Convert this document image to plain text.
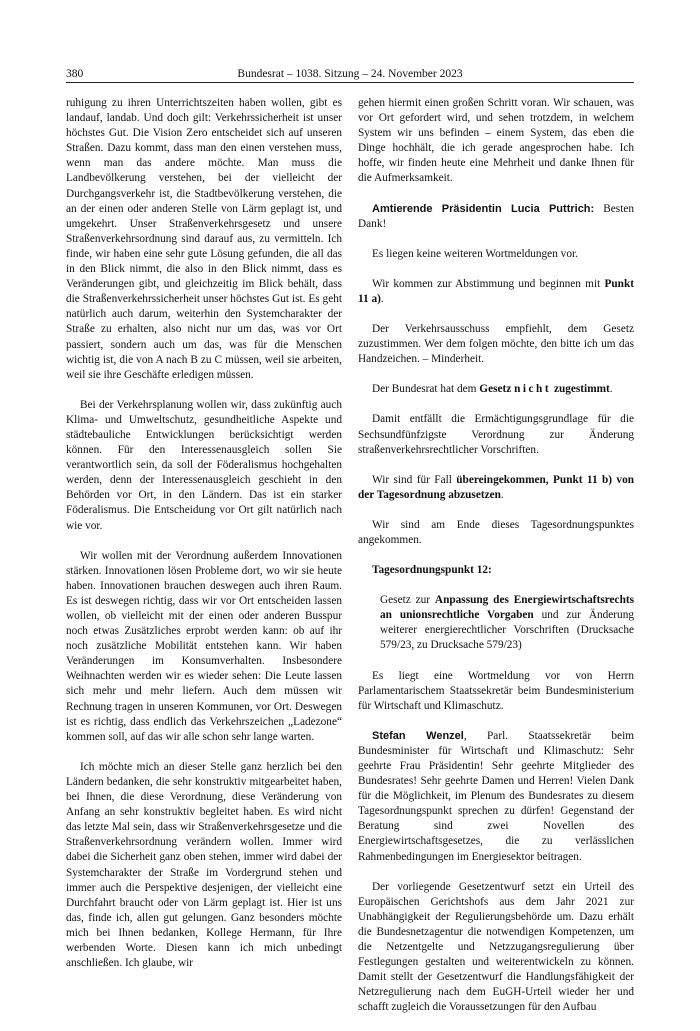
380	Bundesrat – 1038. Sitzung – 24. November 2023

ruhigung zu ihren Unterrichtszeiten haben wollen, gibt es landauf, landab. Und doch gilt: Verkehrssicherheit ist unser höchstes Gut. Die Vision Zero entscheidet sich auf unseren Straßen. Dazu kommt, dass man den einen verstehen muss, wenn man das andere möchte. Man muss die Landbevölkerung verstehen, bei der vielleicht der Durchgangsverkehr ist, die Stadtbevölkerung verstehen, die an der einen oder anderen Stelle von Lärm geplagt ist, und umgekehrt. Unser Straßenverkehrsgesetz und unsere Straßenverkehrsordnung sind darauf aus, zu vermitteln. Ich finde, wir haben eine sehr gute Lösung gefunden, die all das in den Blick nimmt, die also in den Blick nimmt, dass es Veränderungen gibt, und gleichzeitig im Blick behält, dass die Straßenverkehrssicherheit unser höchstes Gut ist. Es geht natürlich auch darum, weiterhin den Systemcharakter der Straße zu erhalten, also nicht nur um das, was vor Ort passiert, sondern auch um das, was für die Menschen wichtig ist, die von A nach B zu C müssen, weil sie arbeiten, weil sie ihre Geschäfte erledigen müssen.

Bei der Verkehrsplanung wollen wir, dass zukünftig auch Klima- und Umweltschutz, gesundheitliche Aspekte und städtebauliche Entwicklungen berücksichtigt werden können. Für den Interessenausgleich sollen Sie verantwortlich sein, da soll der Föderalismus hochgehalten werden, denn der Interessenausgleich geschieht in den Behörden vor Ort, in den Ländern. Das ist ein starker Föderalismus. Die Entscheidung vor Ort gilt natürlich nach wie vor.

Wir wollen mit der Verordnung außerdem Innovationen stärken. Innovationen lösen Probleme dort, wo wir sie heute haben. Innovationen brauchen deswegen auch ihren Raum. Es ist deswegen richtig, dass wir vor Ort entscheiden lassen wollen, ob vielleicht mit der einen oder anderen Busspur noch etwas Zusätzliches erprobt werden kann: ob auf ihr noch zusätzliche Mobilität entstehen kann. Wir haben Veränderungen im Konsumverhalten. Insbesondere Weihnachten werden wir es wieder sehen: Die Leute lassen sich mehr und mehr liefern. Auch dem müssen wir Rechnung tragen in unseren Kommunen, vor Ort. Deswegen ist es richtig, dass endlich das Verkehrszeichen „Ladezone“ kommen soll, auf das wir alle schon sehr lange warten.

Ich möchte mich an dieser Stelle ganz herzlich bei den Ländern bedanken, die sehr konstruktiv mitgearbeitet haben, bei Ihnen, die diese Verordnung, diese Veränderung von Anfang an sehr konstruktiv begleitet haben. Es wird nicht das letzte Mal sein, dass wir Straßenverkehrsgesetze und die Straßenverkehrsordnung verändern wollen. Immer wird dabei die Sicherheit ganz oben stehen, immer wird dabei der Systemcharakter der Straße im Vordergrund stehen und immer auch die Perspektive desjenigen, der vielleicht eine Durchfahrt braucht oder von Lärm geplagt ist. Hier ist uns das, finde ich, allen gut gelungen. Ganz besonders möchte mich bei Ihnen bedanken, Kollege Hermann, für Ihre werbenden Worte. Diesen kann ich mich unbedingt anschließen. Ich glaube, wir

gehen hiermit einen großen Schritt voran. Wir schauen, was vor Ort gefordert wird, und sehen trotzdem, in welchem System wir uns befinden – einem System, das eben die Dinge hochhält, die ich gerade angesprochen habe. Ich hoffe, wir finden heute eine Mehrheit und danke Ihnen für die Aufmerksamkeit.

Amtierende Präsidentin Lucia Puttrich: Besten Dank!

Es liegen keine weiteren Wortmeldungen vor.

Wir kommen zur Abstimmung und beginnen mit Punkt 11 a).

Der Verkehrsausschuss empfiehlt, dem Gesetz zuzustimmen. Wer dem folgen möchte, den bitte ich um das Handzeichen. – Minderheit.

Der Bundesrat hat dem Gesetz nicht zugestimmt.

Damit entfällt die Ermächtigungsgrundlage für die Sechsundfünfzigste Verordnung zur Änderung straßenverkehrsrechtlicher Vorschriften.

Wir sind für Fall übereingekommen, Punkt 11 b) von der Tagesordnung abzusetzen.

Wir sind am Ende dieses Tagesordnungspunktes angekommen.

Tagesordnungspunkt 12:

Gesetz zur Anpassung des Energiewirtschaftsrechts an unionsrechtliche Vorgaben und zur Änderung weiterer energierechtlicher Vorschriften (Drucksache 579/23, zu Drucksache 579/23)

Es liegt eine Wortmeldung vor von Herrn Parlamentarischem Staatssekretär beim Bundesministerium für Wirtschaft und Klimaschutz.

Stefan Wenzel, Parl. Staatssekretär beim Bundesminister für Wirtschaft und Klimaschutz: Sehr geehrte Frau Präsidentin! Sehr geehrte Mitglieder des Bundesrates! Sehr geehrte Damen und Herren! Vielen Dank für die Möglichkeit, im Plenum des Bundesrates zu diesem Tagesordnungspunkt sprechen zu dürfen! Gegenstand der Beratung sind zwei Novellen des Energiewirtschaftsgesetzes, die zu verlässlichen Rahmenbedingungen im Energiesektor beitragen.

Der vorliegende Gesetzentwurf setzt ein Urteil des Europäischen Gerichtshofs aus dem Jahr 2021 zur Unabhängigkeit der Regulierungsbehörde um. Dazu erhält die Bundesnetzagentur die notwendigen Kompetenzen, um die Netzentgelte und Netzzugangsregulierung über Festlegungen gestalten und weiterentwickeln zu können. Damit stellt der Gesetzentwurf die Handlungsfähigkeit der Netzregulierung nach dem EuGH-Urteil wieder her und schafft zugleich die Voraussetzungen für den Aufbau
